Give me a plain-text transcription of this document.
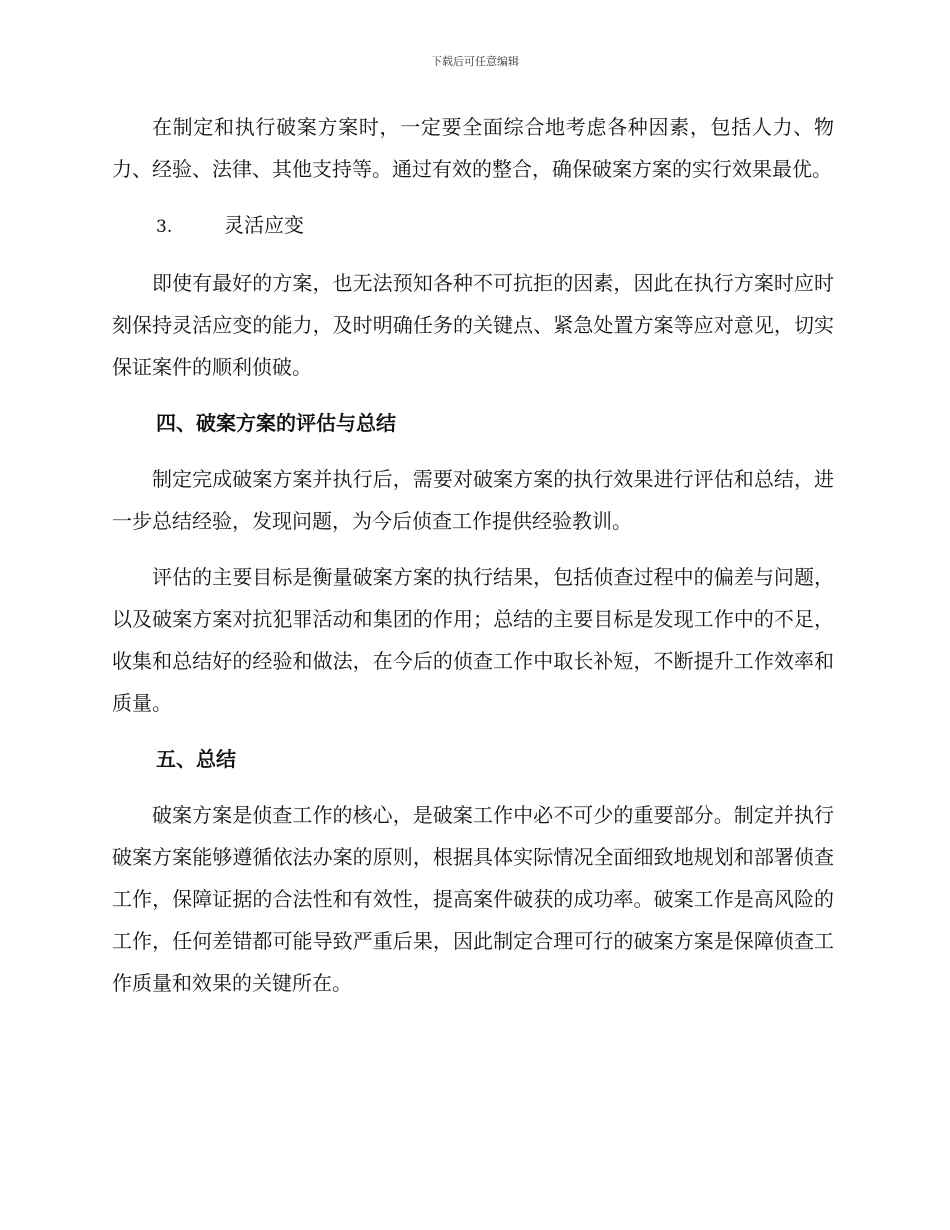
下载后可任意编辑

在制定和执行破案方案时，一定要全面综合地考虑各种因素，包括人力、物力、经验、法律、其他支持等。通过有效的整合，确保破案方案的实行效果最优。

3.	灵活应变

即使有最好的方案，也无法预知各种不可抗拒的因素，因此在执行方案时应时刻保持灵活应变的能力，及时明确任务的关键点、紧急处置方案等应对意见，切实保证案件的顺利侦破。

四、破案方案的评估与总结

制定完成破案方案并执行后，需要对破案方案的执行效果进行评估和总结，进一步总结经验，发现问题，为今后侦查工作提供经验教训。

评估的主要目标是衡量破案方案的执行结果，包括侦查过程中的偏差与问题，以及破案方案对抗犯罪活动和集团的作用；总结的主要目标是发现工作中的不足，收集和总结好的经验和做法，在今后的侦查工作中取长补短，不断提升工作效率和质量。

五、总结

破案方案是侦查工作的核心，是破案工作中必不可少的重要部分。制定并执行破案方案能够遵循依法办案的原则，根据具体实际情况全面细致地规划和部署侦查工作，保障证据的合法性和有效性，提高案件破获的成功率。破案工作是高风险的工作，任何差错都可能导致严重后果，因此制定合理可行的破案方案是保障侦查工作质量和效果的关键所在。
